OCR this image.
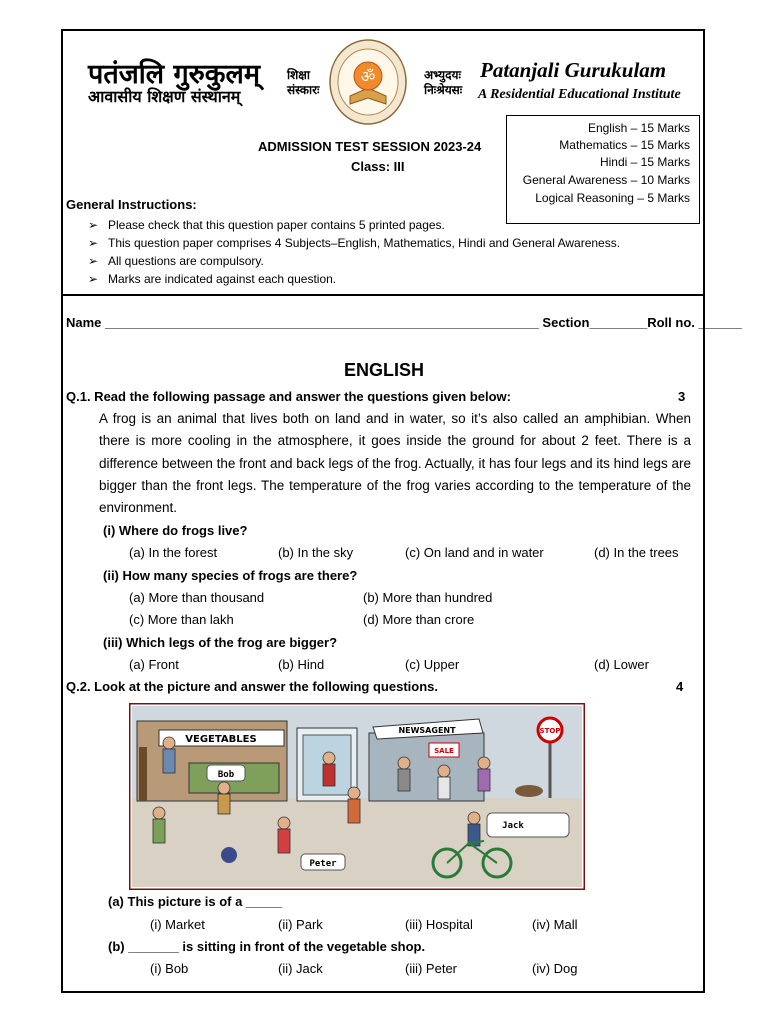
पतंजलि गुरुकुलम्
आवासीय शिक्षण संस्थानम्
शिक्षा
संस्कारः
ॐ	अभ्युदयः
निःश्रेयसः
Patanjali Gurukulam
A Residential Educational Institute
English – 15 Marks
Mathematics – 15 Marks
Hindi – 15 Marks
General Awareness – 10 Marks
Logical Reasoning – 5 Marks
ADMISSION TEST SESSION 2023-24
Class: III
General Instructions:
➢ Please check that this question paper contains 5 printed pages.
➢ This question paper comprises 4 Subjects–English, Mathematics, Hindi and General Awareness.
➢ All questions are compulsory.
➢ Marks are indicated against each question.
Name ____________________________________________________________ Section________Roll no. ______
ENGLISH
Q.1. Read the following passage and answer the questions given below:	3
A frog is an animal that lives both on land and in water, so it’s also called an amphibian. When there is more cooling in the atmosphere, it goes inside the ground for about 2 feet. There is a difference between the front and back legs of the frog. Actually, it has four legs and its hind legs are bigger than the front legs. The temperature of the frog varies according to the temperature of the environment.
(i) Where do frogs live?
(a) In the forest	(b) In the sky	(c) On land and in water	(d) In the trees
(ii) How many species of frogs are there?
(a) More than thousand	(b) More than hundred
(c) More than lakh	(d) More than crore
(iii) Which legs of the frog are bigger?
(a) Front	(b) Hind	(c) Upper	(d) Lower
Q.2. Look at the picture and answer the following questions.	4
VEGETABLES
NEWSAGENT
SALE
STOP
Bob
Jack
Peter
(a) This picture is of a _____
(i) Market	(ii) Park	(iii) Hospital	(iv) Mall
(b) _______ is sitting in front of the vegetable shop.
(i) Bob	(ii) Jack	(iii) Peter	(iv) Dog
